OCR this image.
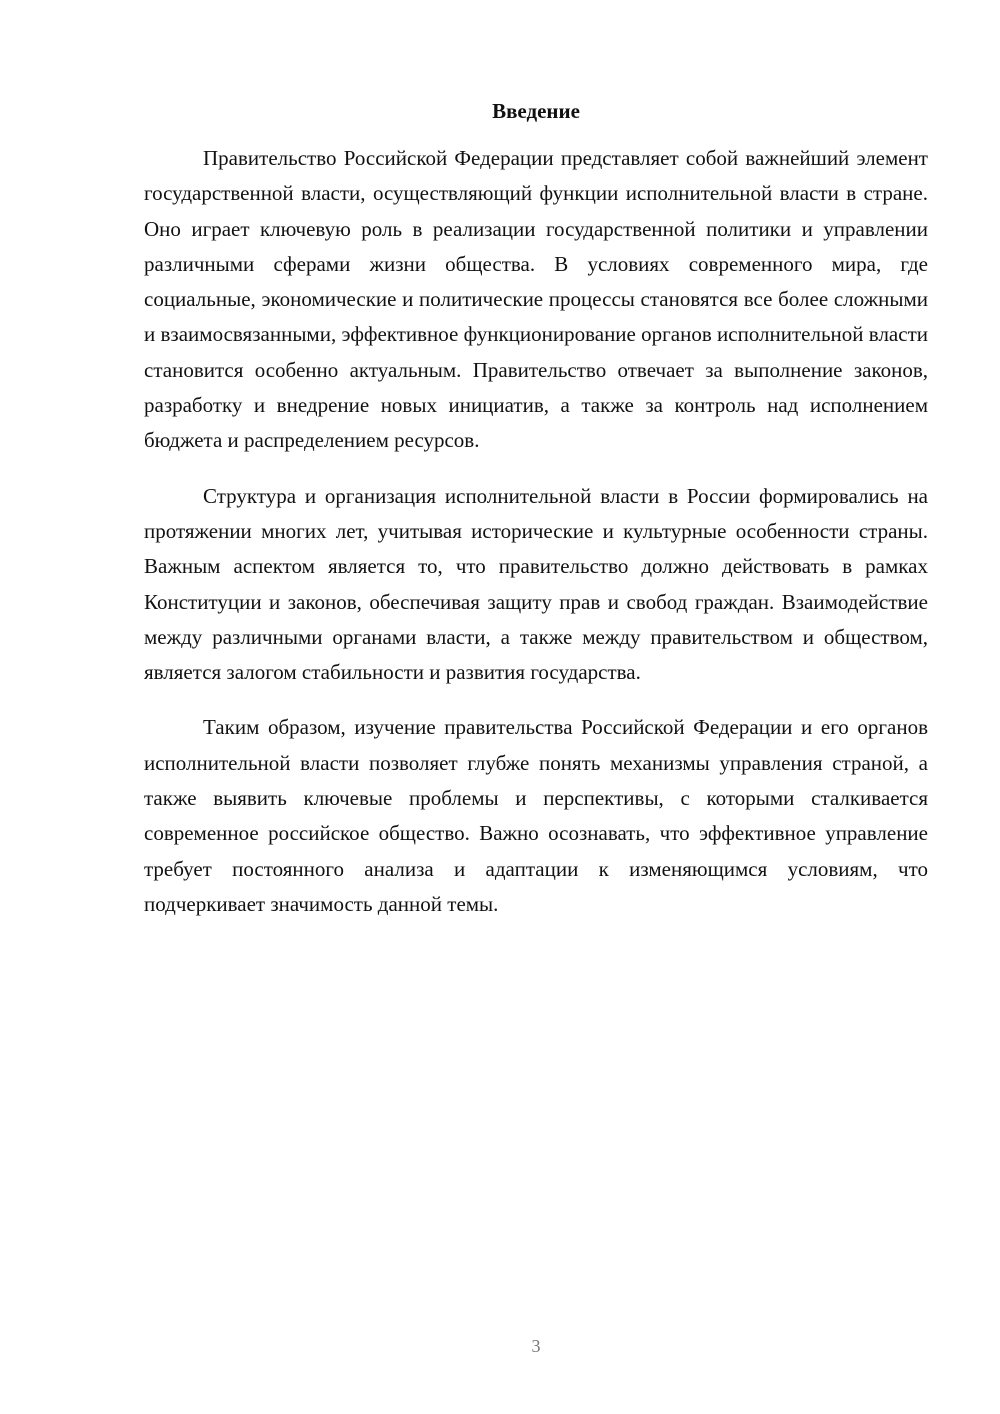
Введение

Правительство Российской Федерации представляет собой важнейший элемент государственной власти, осуществляющий функции исполнительной власти в стране. Оно играет ключевую роль в реализации государственной политики и управлении различными сферами жизни общества. В условиях современного мира, где социальные, экономические и политические процессы становятся все более сложными и взаимосвязанными, эффективное функционирование органов исполнительной власти становится особенно актуальным. Правительство отвечает за выполнение законов, разработку и внедрение новых инициатив, а также за контроль над исполнением бюджета и распределением ресурсов.

Структура и организация исполнительной власти в России формировались на протяжении многих лет, учитывая исторические и культурные особенности страны. Важным аспектом является то, что правительство должно действовать в рамках Конституции и законов, обеспечивая защиту прав и свобод граждан. Взаимодействие между различными органами власти, а также между правительством и обществом, является залогом стабильности и развития государства.

Таким образом, изучение правительства Российской Федерации и его органов исполнительной власти позволяет глубже понять механизмы управления страной, а также выявить ключевые проблемы и перспективы, с которыми сталкивается современное российское общество. Важно осознавать, что эффективное управление требует постоянного анализа и адаптации к изменяющимся условиям, что подчеркивает значимость данной темы.

3
